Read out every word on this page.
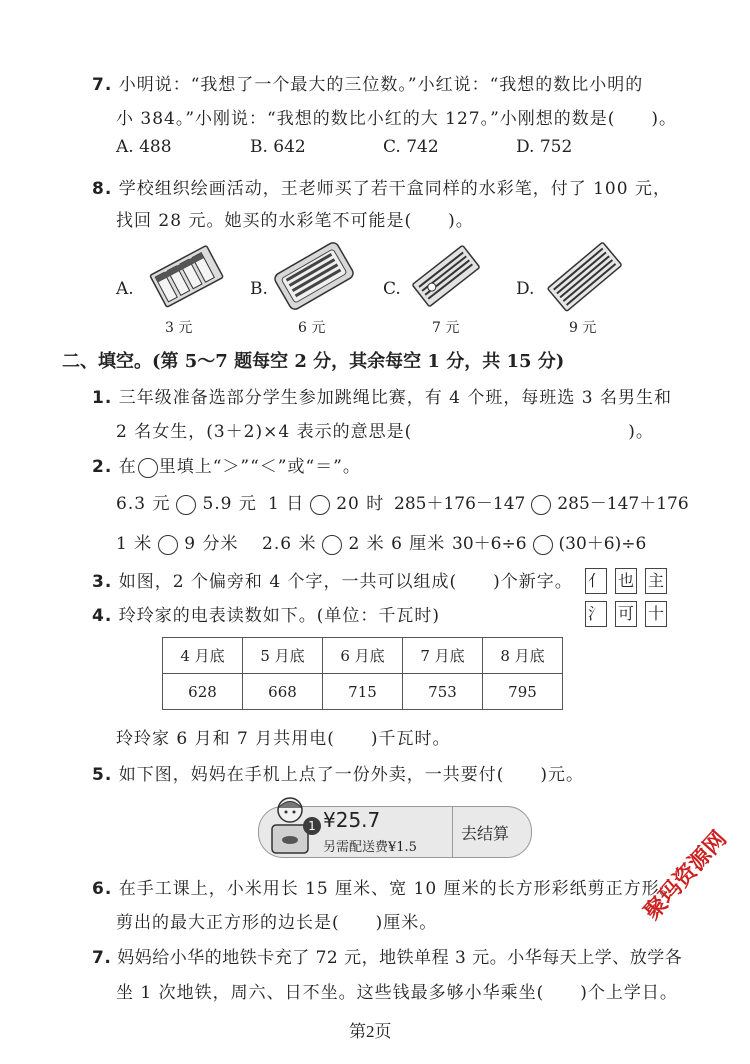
7. 小明说：“我想了一个最大的三位数。”小红说：“我想的数比小明的
小 384。”小刚说：“我想的数比小红的大 127。”小刚想的数是(　　)。
A. 488	B. 642	C. 742	D. 752
8. 学校组织绘画活动，王老师买了若干盒同样的水彩笔，付了 100 元，
找回 28 元。她买的水彩笔不可能是(　　)。
A.
3 元
B.
6 元
C.
7 元
D.
9 元
二、填空。(第 5～7 题每空 2 分，其余每空 1 分，共 15 分)
1. 三年级准备选部分学生参加跳绳比赛，有 4 个班，每班选 3 名男生和
2 名女生，(3＋2)×4 表示的意思是(　　　　　　　　　　　　)。
2. 在 里填上“＞”“＜”或“＝”。
6.3 元 5.9 元 1 日 20 时 285＋176－147 285－147＋176
1 米 9 分米 2.6 米 2 米 6 厘米 30＋6÷6 (30＋6)÷6
3. 如图，2 个偏旁和 4 个字，一共可以组成(　　)个新字。 亻 也 主
氵 可 十
4. 玲玲家的电表读数如下。(单位：千瓦时)
4 月底	5 月底	6 月底	7 月底	8 月底
628	668	715	753	795
玲玲家 6 月和 7 月共用电(　　)千瓦时。
5. 如下图，妈妈在手机上点了一份外卖，一共要付(　　)元。
1 ¥25.7
另需配送费¥1.5
去结算
6. 在手工课上，小米用长 15 厘米、宽 10 厘米的长方形彩纸剪正方形。
剪出的最大正方形的边长是(　　)厘米。
7. 妈妈给小华的地铁卡充了 72 元，地铁单程 3 元。小华每天上学、放学各
坐 1 次地铁，周六、日不坐。这些钱最多够小华乘坐(　　)个上学日。
聚玛资源网
第2页
